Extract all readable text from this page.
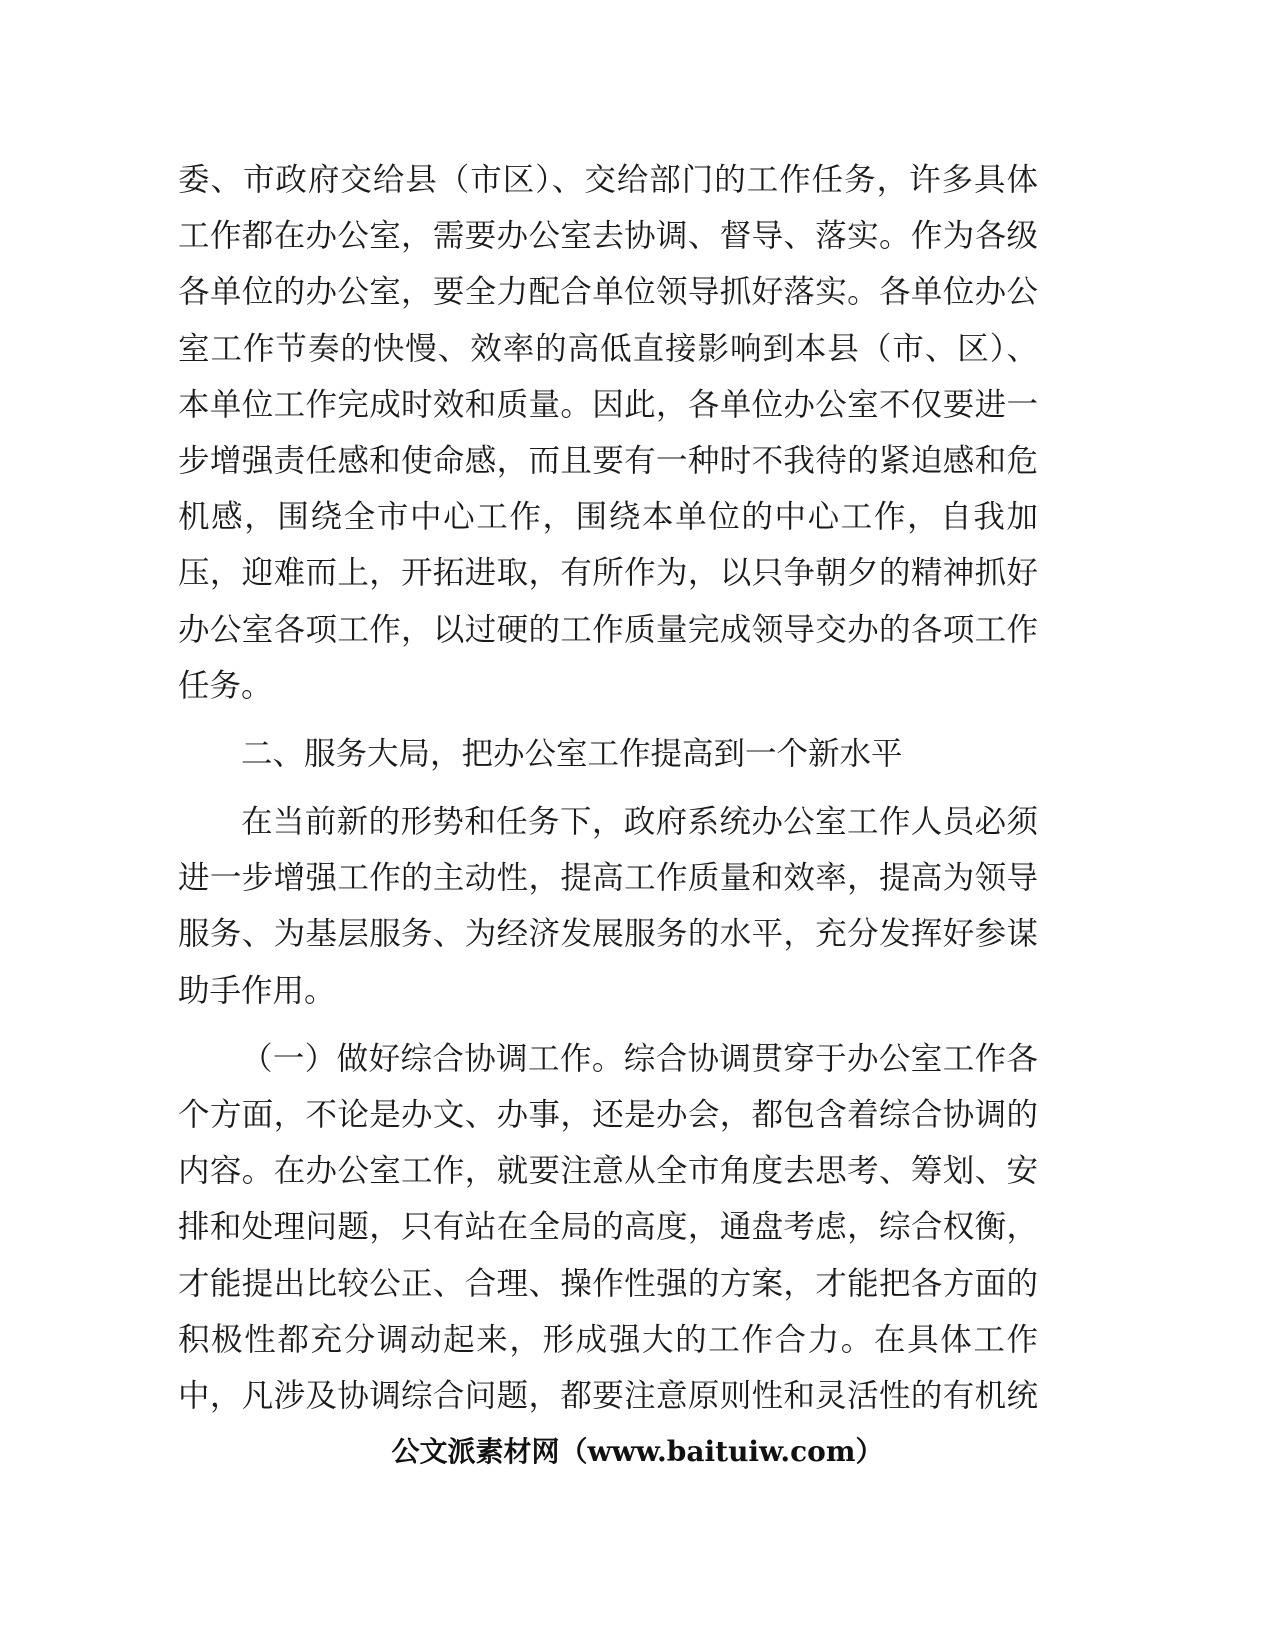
委、市政府交给县（市区）、交给部门的工作任务，许多具体
工作都在办公室，需要办公室去协调、督导、落实。作为各级
各单位的办公室，要全力配合单位领导抓好落实。各单位办公
室工作节奏的快慢、效率的高低直接影响到本县（市、区）、
本单位工作完成时效和质量。因此，各单位办公室不仅要进一
步增强责任感和使命感，而且要有一种时不我待的紧迫感和危
机感，围绕全市中心工作，围绕本单位的中心工作，自我加
压，迎难而上，开拓进取，有所作为，以只争朝夕的精神抓好
办公室各项工作，以过硬的工作质量完成领导交办的各项工作
任务。
二、服务大局，把办公室工作提高到一个新水平
在当前新的形势和任务下，政府系统办公室工作人员必须
进一步增强工作的主动性，提高工作质量和效率，提高为领导
服务、为基层服务、为经济发展服务的水平，充分发挥好参谋
助手作用。
（一）做好综合协调工作。综合协调贯穿于办公室工作各
个方面，不论是办文、办事，还是办会，都包含着综合协调的
内容。在办公室工作，就要注意从全市角度去思考、筹划、安
排和处理问题，只有站在全局的高度，通盘考虑，综合权衡，
才能提出比较公正、合理、操作性强的方案，才能把各方面的
积极性都充分调动起来，形成强大的工作合力。在具体工作
中，凡涉及协调综合问题，都要注意原则性和灵活性的有机统
公文派素材网（www.baituiw.com）
